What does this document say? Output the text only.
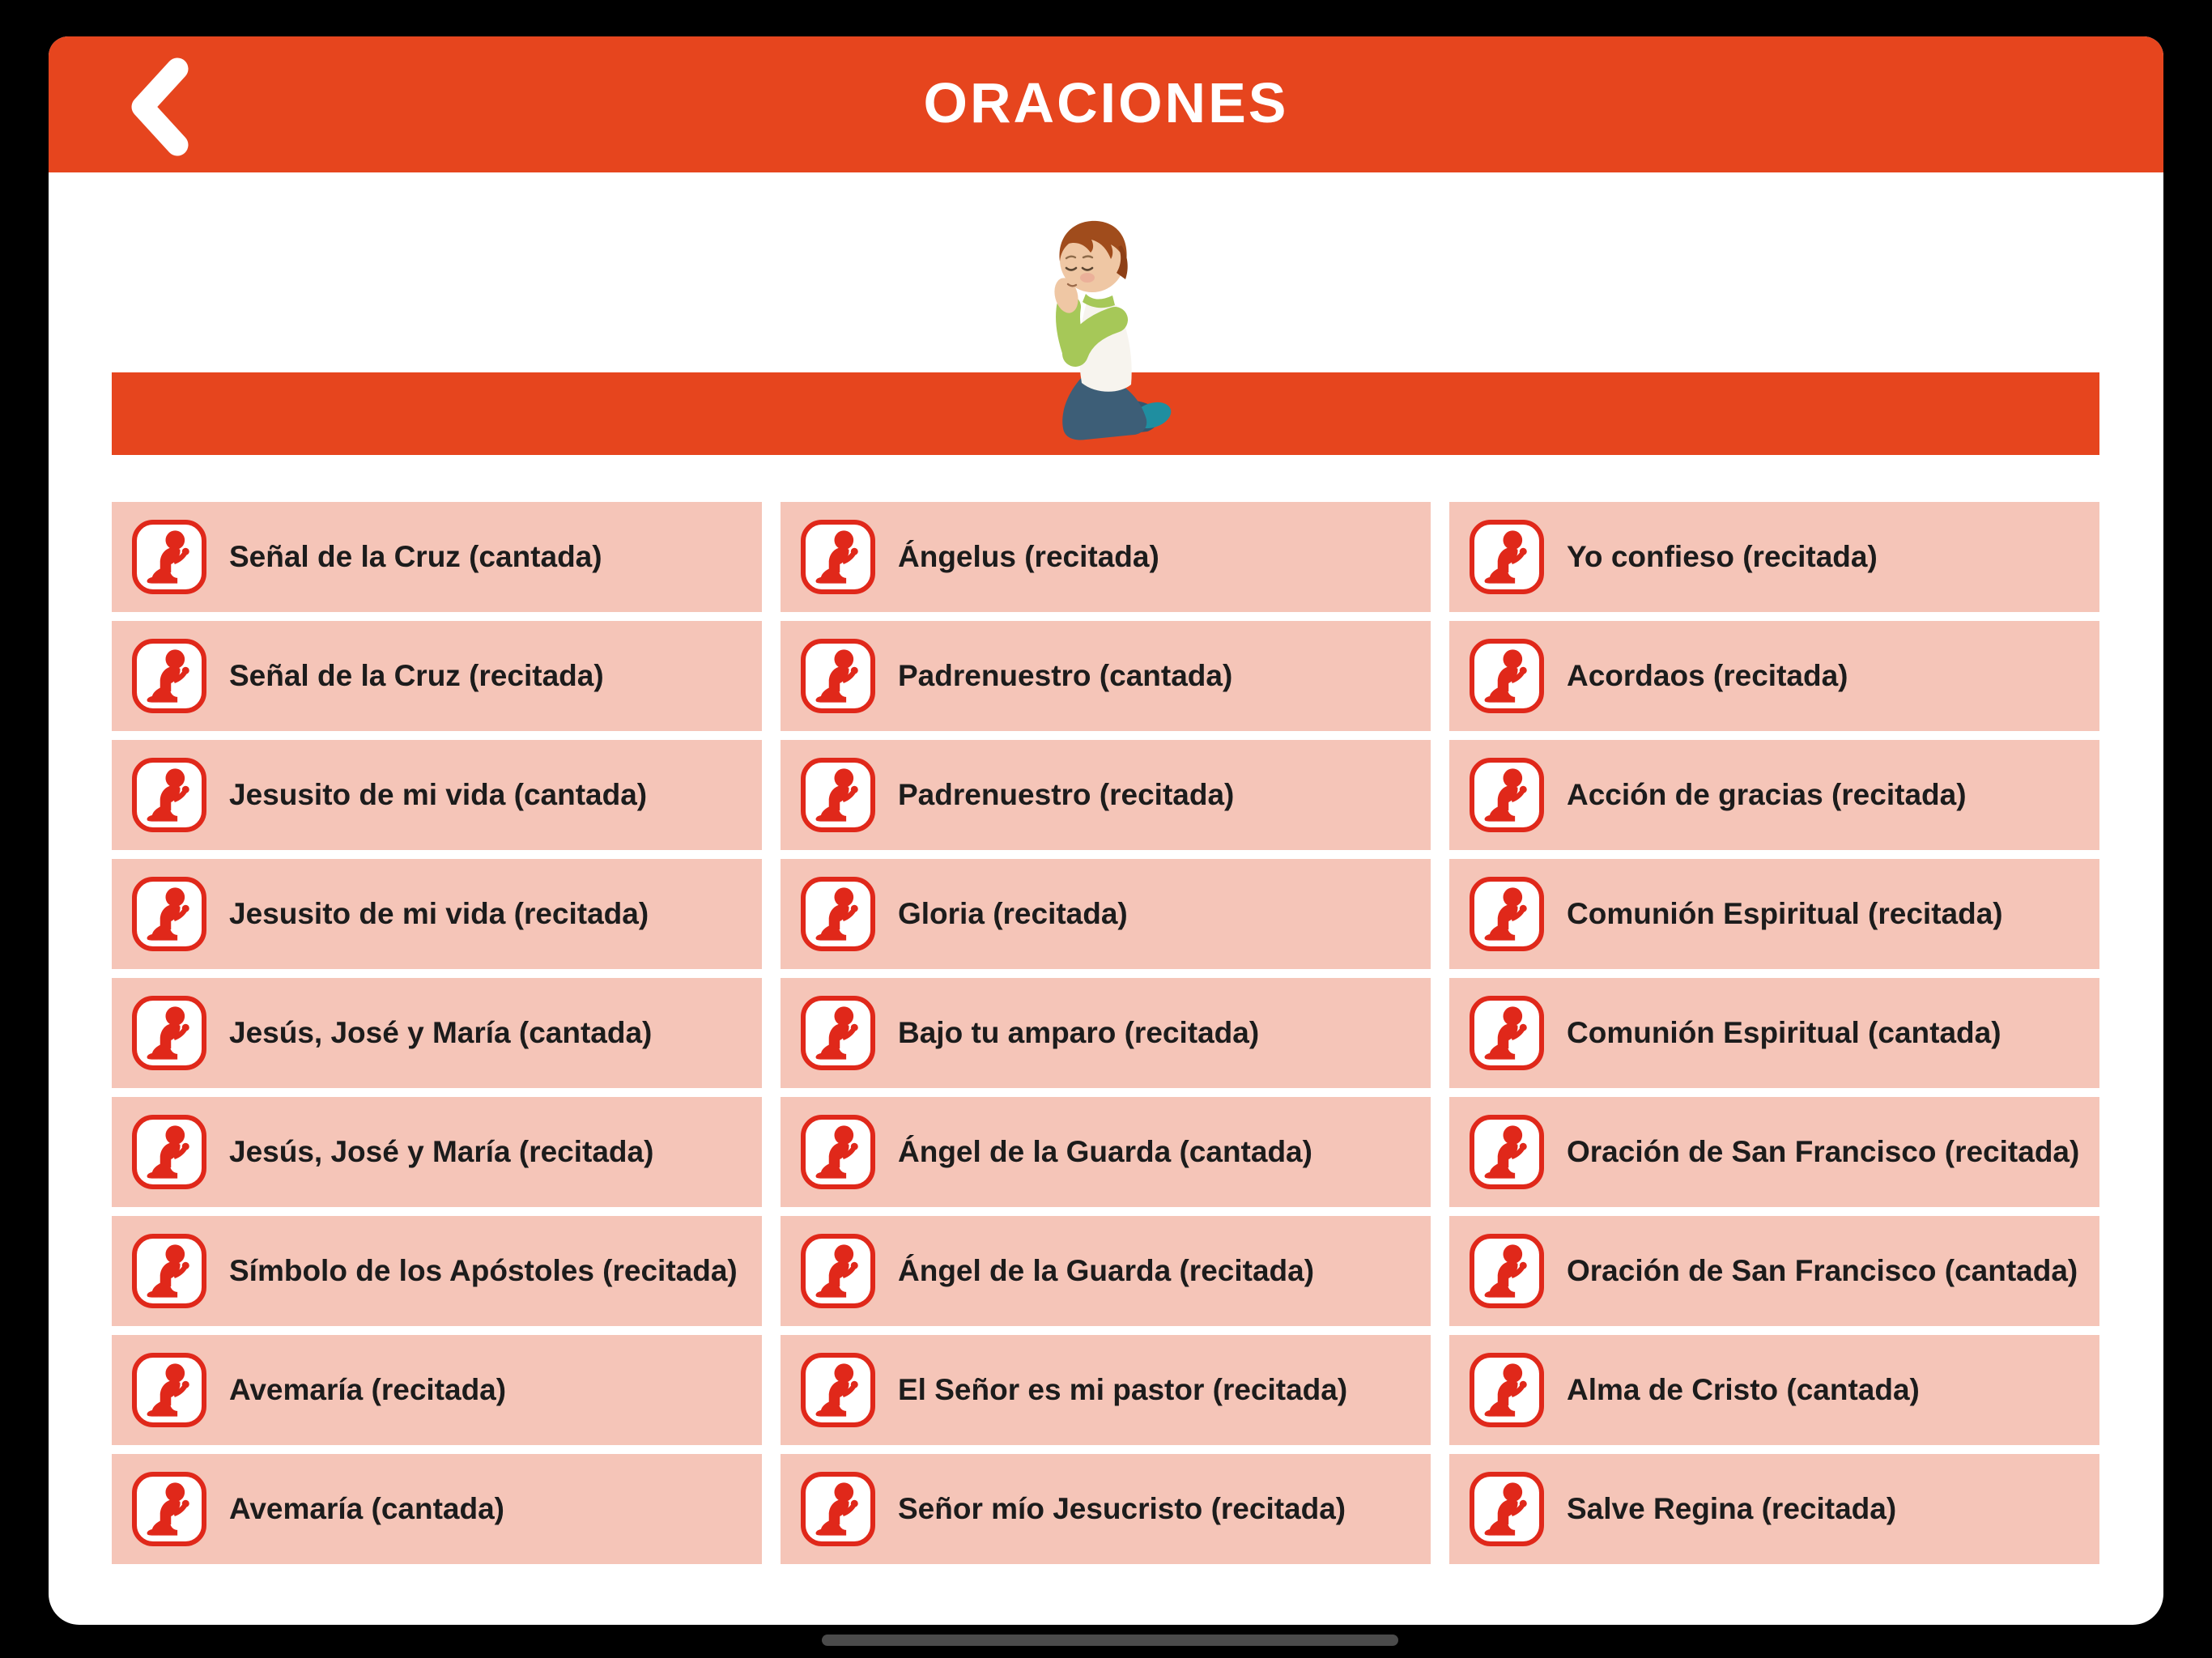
ORACIONES
Señal de la Cruz (cantada)
Señal de la Cruz (recitada)
Jesusito de mi vida (cantada)
Jesusito de mi vida (recitada)
Jesús, José y María (cantada)
Jesús, José y María (recitada)
Símbolo de los Apóstoles (recitada)
Avemaría (recitada)
Avemaría (cantada)
Ángelus (recitada)
Padrenuestro (cantada)
Padrenuestro (recitada)
Gloria (recitada)
Bajo tu amparo (recitada)
Ángel de la Guarda (cantada)
Ángel de la Guarda (recitada)
El Señor es mi pastor (recitada)
Señor mío Jesucristo (recitada)
Yo confieso (recitada)
Acordaos (recitada)
Acción de gracias (recitada)
Comunión Espiritual (recitada)
Comunión Espiritual (cantada)
Oración de San Francisco (recitada)
Oración de San Francisco (cantada)
Alma de Cristo (cantada)
Salve Regina (recitada)
